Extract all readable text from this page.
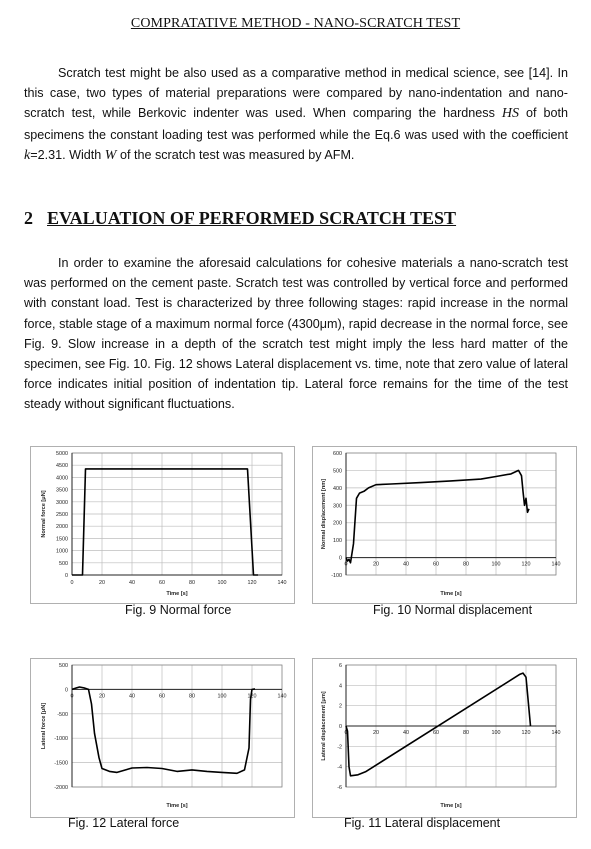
COMPRATATIVE METHOD - NANO-SCRATCH TEST

Scratch test might be also used as a comparative method in medical science, see [14]. In this case, two types of material preparations were compared by nano-indentation and nano-scratch test, while Berkovic indenter was used. When comparing the hardness HS of both specimens the constant loading test was performed while the Eq.6 was used with the coefficient k=2.31. Width W of the scratch test was measured by AFM.

2 EVALUATION OF PERFORMED SCRATCH TEST

In order to examine the aforesaid calculations for cohesive materials a nano-scratch test was performed on the cement paste. Scratch test was controlled by vertical force and performed with constant load. Test is characterized by three following stages: rapid increase in the normal force, stable stage of a maximum normal force (4300μm), rapid decrease in the normal force, see Fig. 9. Slow increase in a depth of the scratch test might imply the less hard matter of the specimen, see Fig. 10. Fig. 12 shows Lateral displacement vs. time, note that zero value of lateral force indicates initial position of indentation tip. Lateral force remains for the time of the test steady without significant fluctuations.

0	20	40	60	80	100	120	140
0
500
1000
1500
2000
2500
3000
3500
4000
4500
5000
Time [s]
Normal force [μN]
Fig. 9 Normal force
0	20	40	60	80	100	120	140
-100
0
100
200
300
400
500
600
Time [s]
Normal displacement [nm]
Fig. 10 Normal displacement
0	20	40	60	80	100	120	140
-2000
-1500
-1000
-500
0
500
Time [s]
Lateral force [μN]
Fig. 12 Lateral force
0	20	40	60	80	100	120	140
-6
-4
-2
0
2
4
6
Time [s]
Lateral displacement [μm]
Fig. 11 Lateral displacement
